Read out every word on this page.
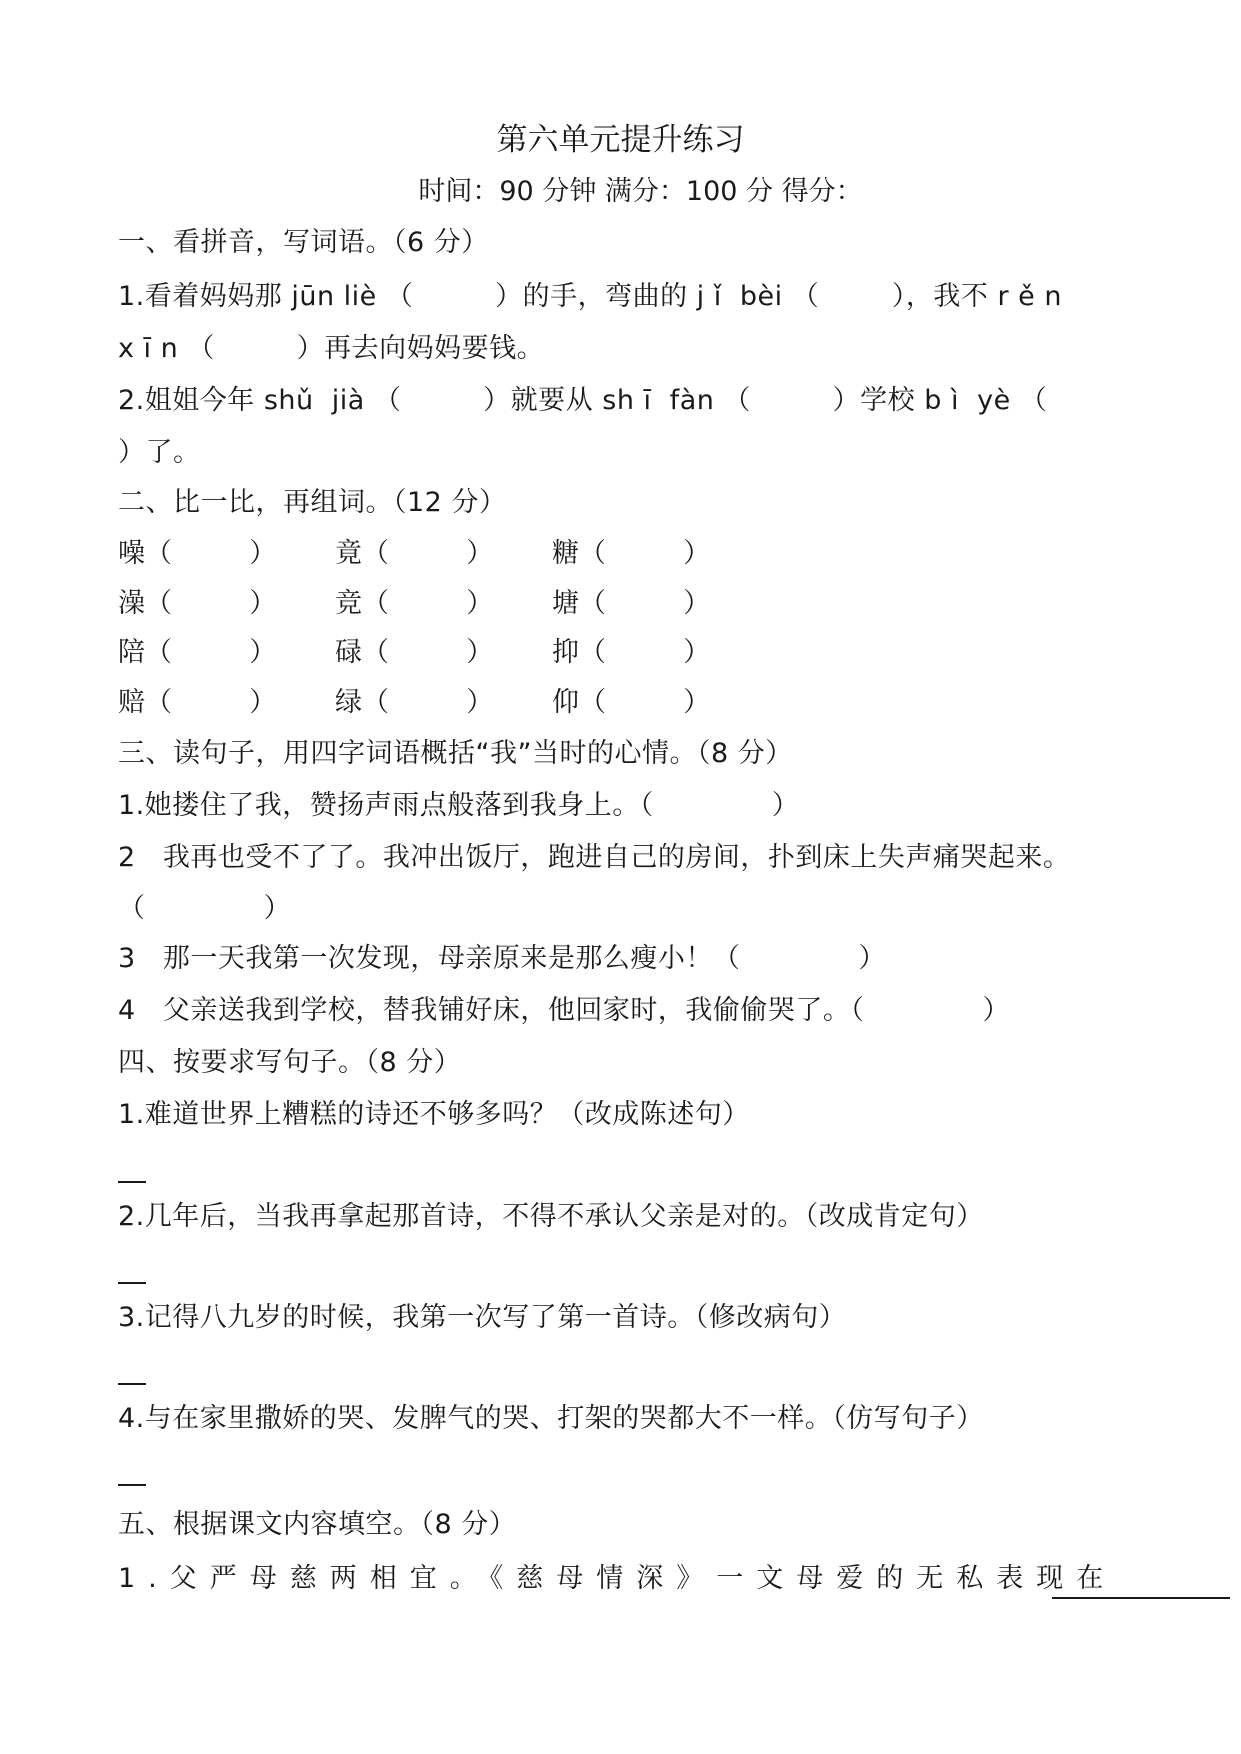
第六单元提升练习
时间：90 分钟 满分：100 分 得分：
一、看拼音，写词语。（6 分）
1.看着妈妈那 jūn liè （         ）的手，弯曲的 j ǐ  bèi （        ），我不 r ě n
x ī n （         ）再去向妈妈要钱。
2.姐姐今年 shǔ  jià （         ）就要从 sh ī  fàn （         ）学校 b ì  yè （
）了。
二、比一比，再组词。（12 分）
噪（         ） 竟（         ） 糖（         ）
澡（         ） 竞（         ） 塘（         ）
陪（         ） 碌（         ） 抑（         ）
赔（         ） 绿（         ） 仰（         ）
三、读句子，用四字词语概括“我”当时的心情。（8 分）
1.她搂住了我，赞扬声雨点般落到我身上。（             ）
2   我再也受不了了。我冲出饭厅，跑进自己的房间，扑到床上失声痛哭起来。
（             ）
3   那一天我第一次发现，母亲原来是那么瘦小！（             ）
4   父亲送我到学校，替我铺好床，他回家时，我偷偷哭了。（             ）
四、按要求写句子。（8 分）
1.难道世界上糟糕的诗还不够多吗？（改成陈述句）
2.几年后，当我再拿起那首诗，不得不承认父亲是对的。（改成肯定句）
3.记得八九岁的时候，我第一次写了第一首诗。（修改病句）
4.与在家里撒娇的哭、发脾气的哭、打架的哭都大不一样。（仿写句子）
五、根据课文内容填空。（8 分）
1.父严母慈两相宜。《慈母情深》一文母爱的无私表现在
